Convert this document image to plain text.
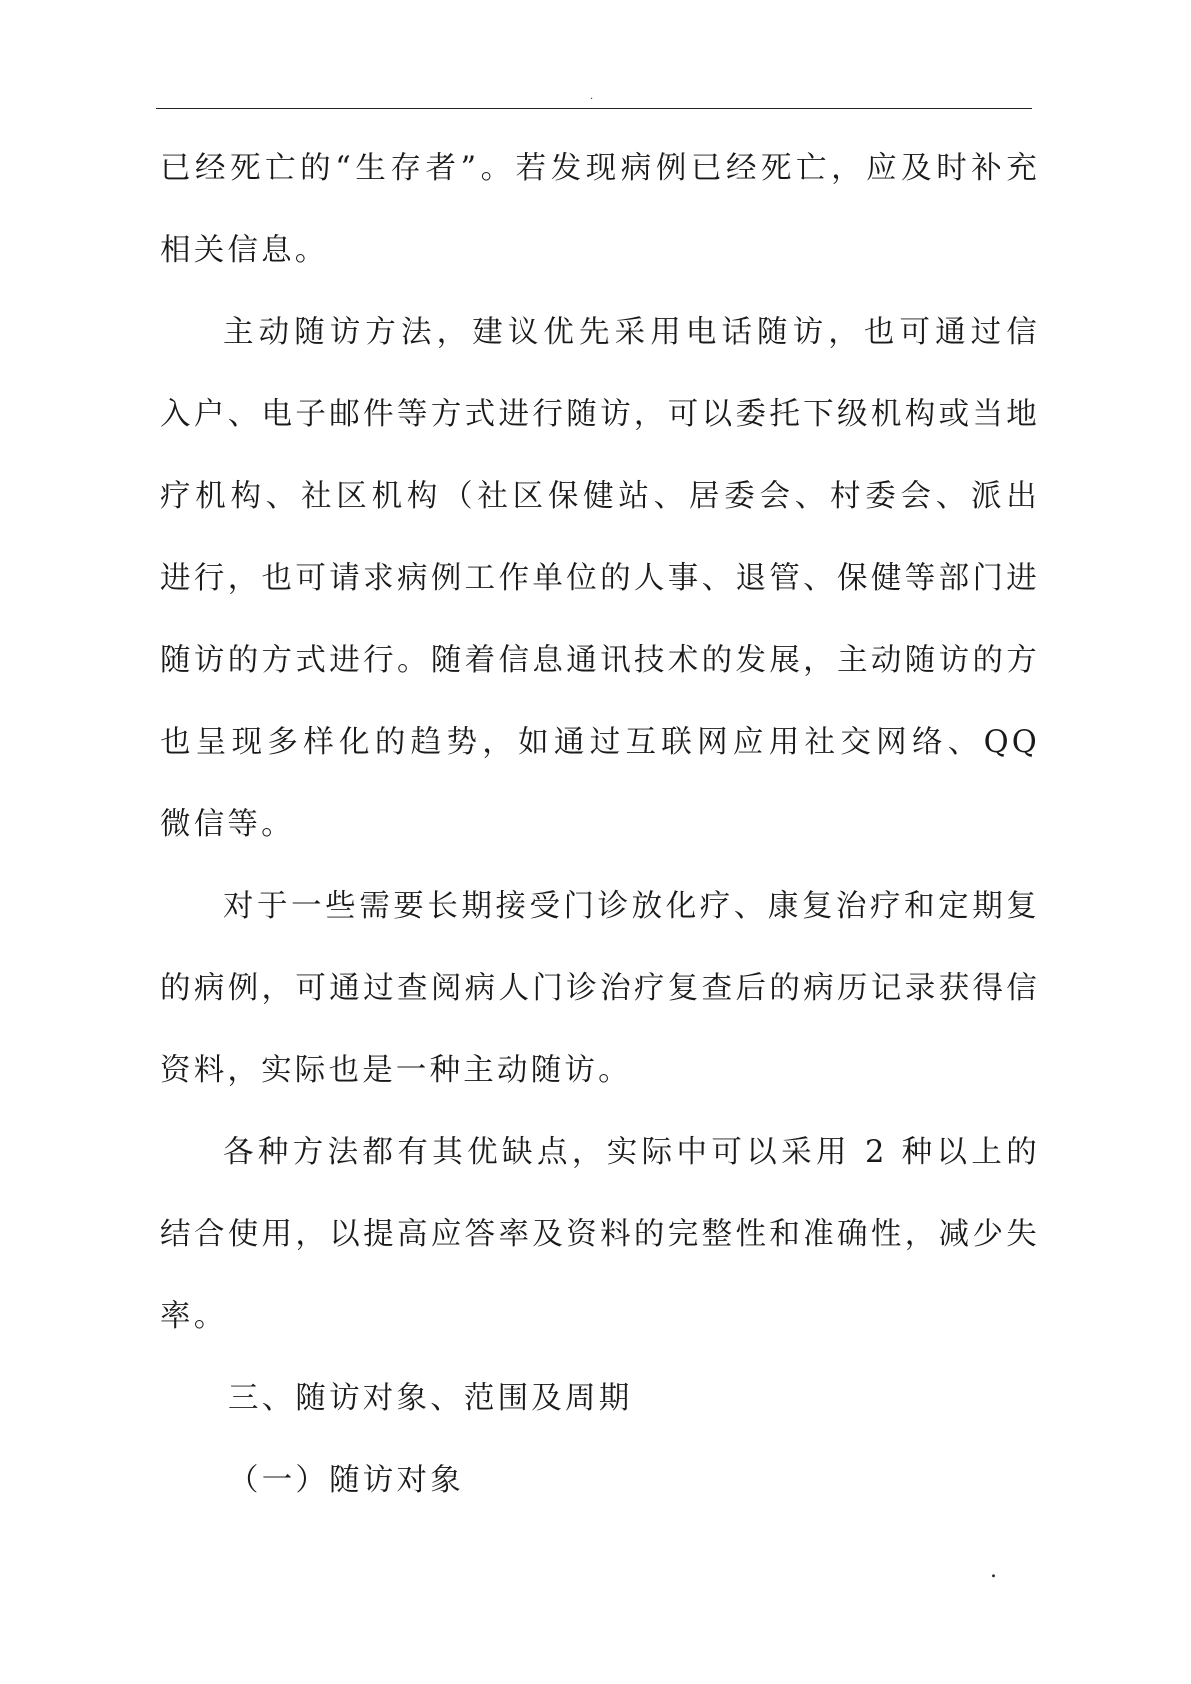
.
已经死亡的“生存者”。若发现病例已经死亡，应及时补充
相关信息。
主动随访方法，建议优先采用电话随访，也可通过信
入户、电子邮件等方式进行随访，可以委托下级机构或当地
疗机构、社区机构（社区保健站、居委会、村委会、派出
进行，也可请求病例工作单位的人事、退管、保健等部门进
随访的方式进行。随着信息通讯技术的发展，主动随访的方
也呈现多样化的趋势，如通过互联网应用社交网络、QQ
微信等。
对于一些需要长期接受门诊放化疗、康复治疗和定期复
的病例，可通过查阅病人门诊治疗复查后的病历记录获得信
资料，实际也是一种主动随访。
各种方法都有其优缺点，实际中可以采用 2 种以上的
结合使用，以提高应答率及资料的完整性和准确性，减少失
率。
三、随访对象、范围及周期
（一）随访对象
.
